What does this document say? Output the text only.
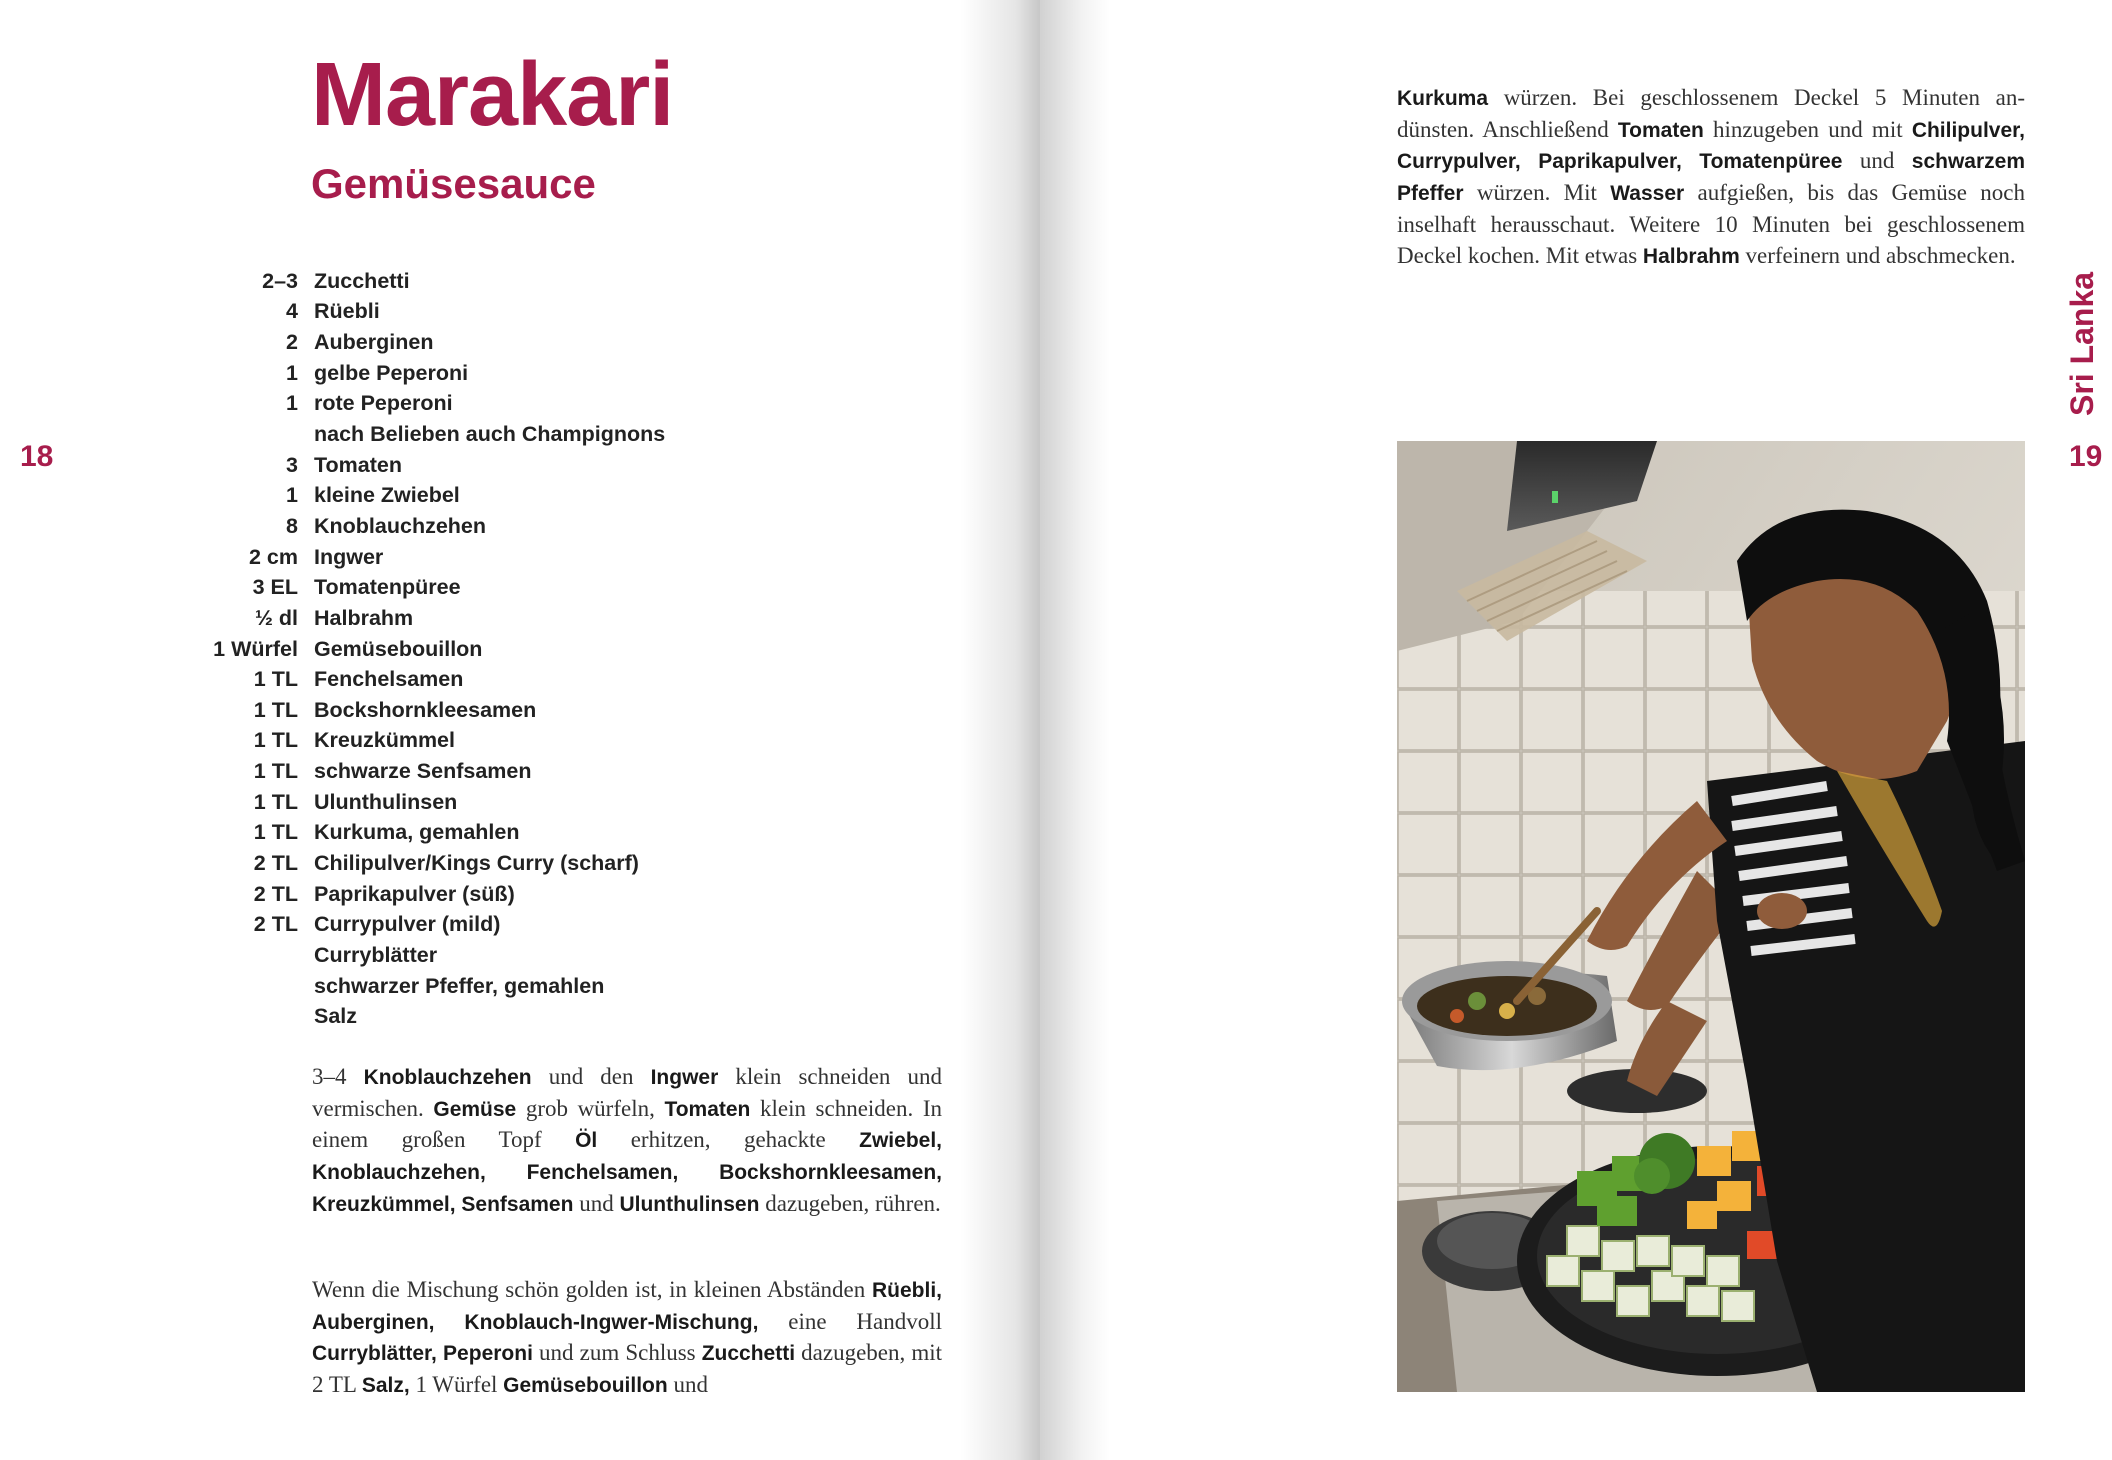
Marakari
Gemüsesauce
18	19
Sri Lanka
2–3 Zucchetti
4 Rüebli
2 Auberginen
1 gelbe Peperoni
1 rote Peperoni
nach Belieben auch Champignons
3 Tomaten
1 kleine Zwiebel
8 Knoblauchzehen
2 cm Ingwer
3 EL Tomatenpüree
½ dl Halbrahm
1 Würfel Gemüsebouillon
1 TL Fenchelsamen
1 TL Bockshornkleesamen
1 TL Kreuzkümmel
1 TL schwarze Senfsamen
1 TL Ulunthulinsen
1 TL Kurkuma, gemahlen
2 TL Chilipulver/Kings Curry (scharf)
2 TL Paprikapulver (süß)
2 TL Currypulver (mild)
Curryblätter
schwarzer Pfeffer, gemahlen
Salz

3–4 Knoblauchzehen und den Ingwer klein schneiden und vermischen. Gemüse grob würfeln, Tomaten klein schneiden. In einem großen Topf Öl erhitzen, gehackte Zwiebel, Knoblauchzehen, Fenchelsamen, Bockshornkleesamen, Kreuzkümmel, Senfsamen und Ulunthulinsen dazugeben, rühren.

Wenn die Mischung schön golden ist, in kleinen Abständen Rüebli, Auberginen, Knoblauch-Ingwer-Mischung, eine Handvoll Curryblätter, Peperoni und zum Schluss Zucchetti dazugeben, mit 2 TL Salz, 1 Würfel Gemüsebouillon und

Kurkuma würzen. Bei geschlossenem Deckel 5 Minuten andünsten. Anschließend Tomaten hinzugeben und mit Chilipulver, Currypulver, Paprikapulver, Tomatenpüree und schwarzem Pfeffer würzen. Mit Wasser aufgießen, bis das Gemüse noch inselhaft herausschaut. Weitere 10 Minuten bei geschlossenem Deckel kochen. Mit etwas Halbrahm verfeinern und abschmecken.
